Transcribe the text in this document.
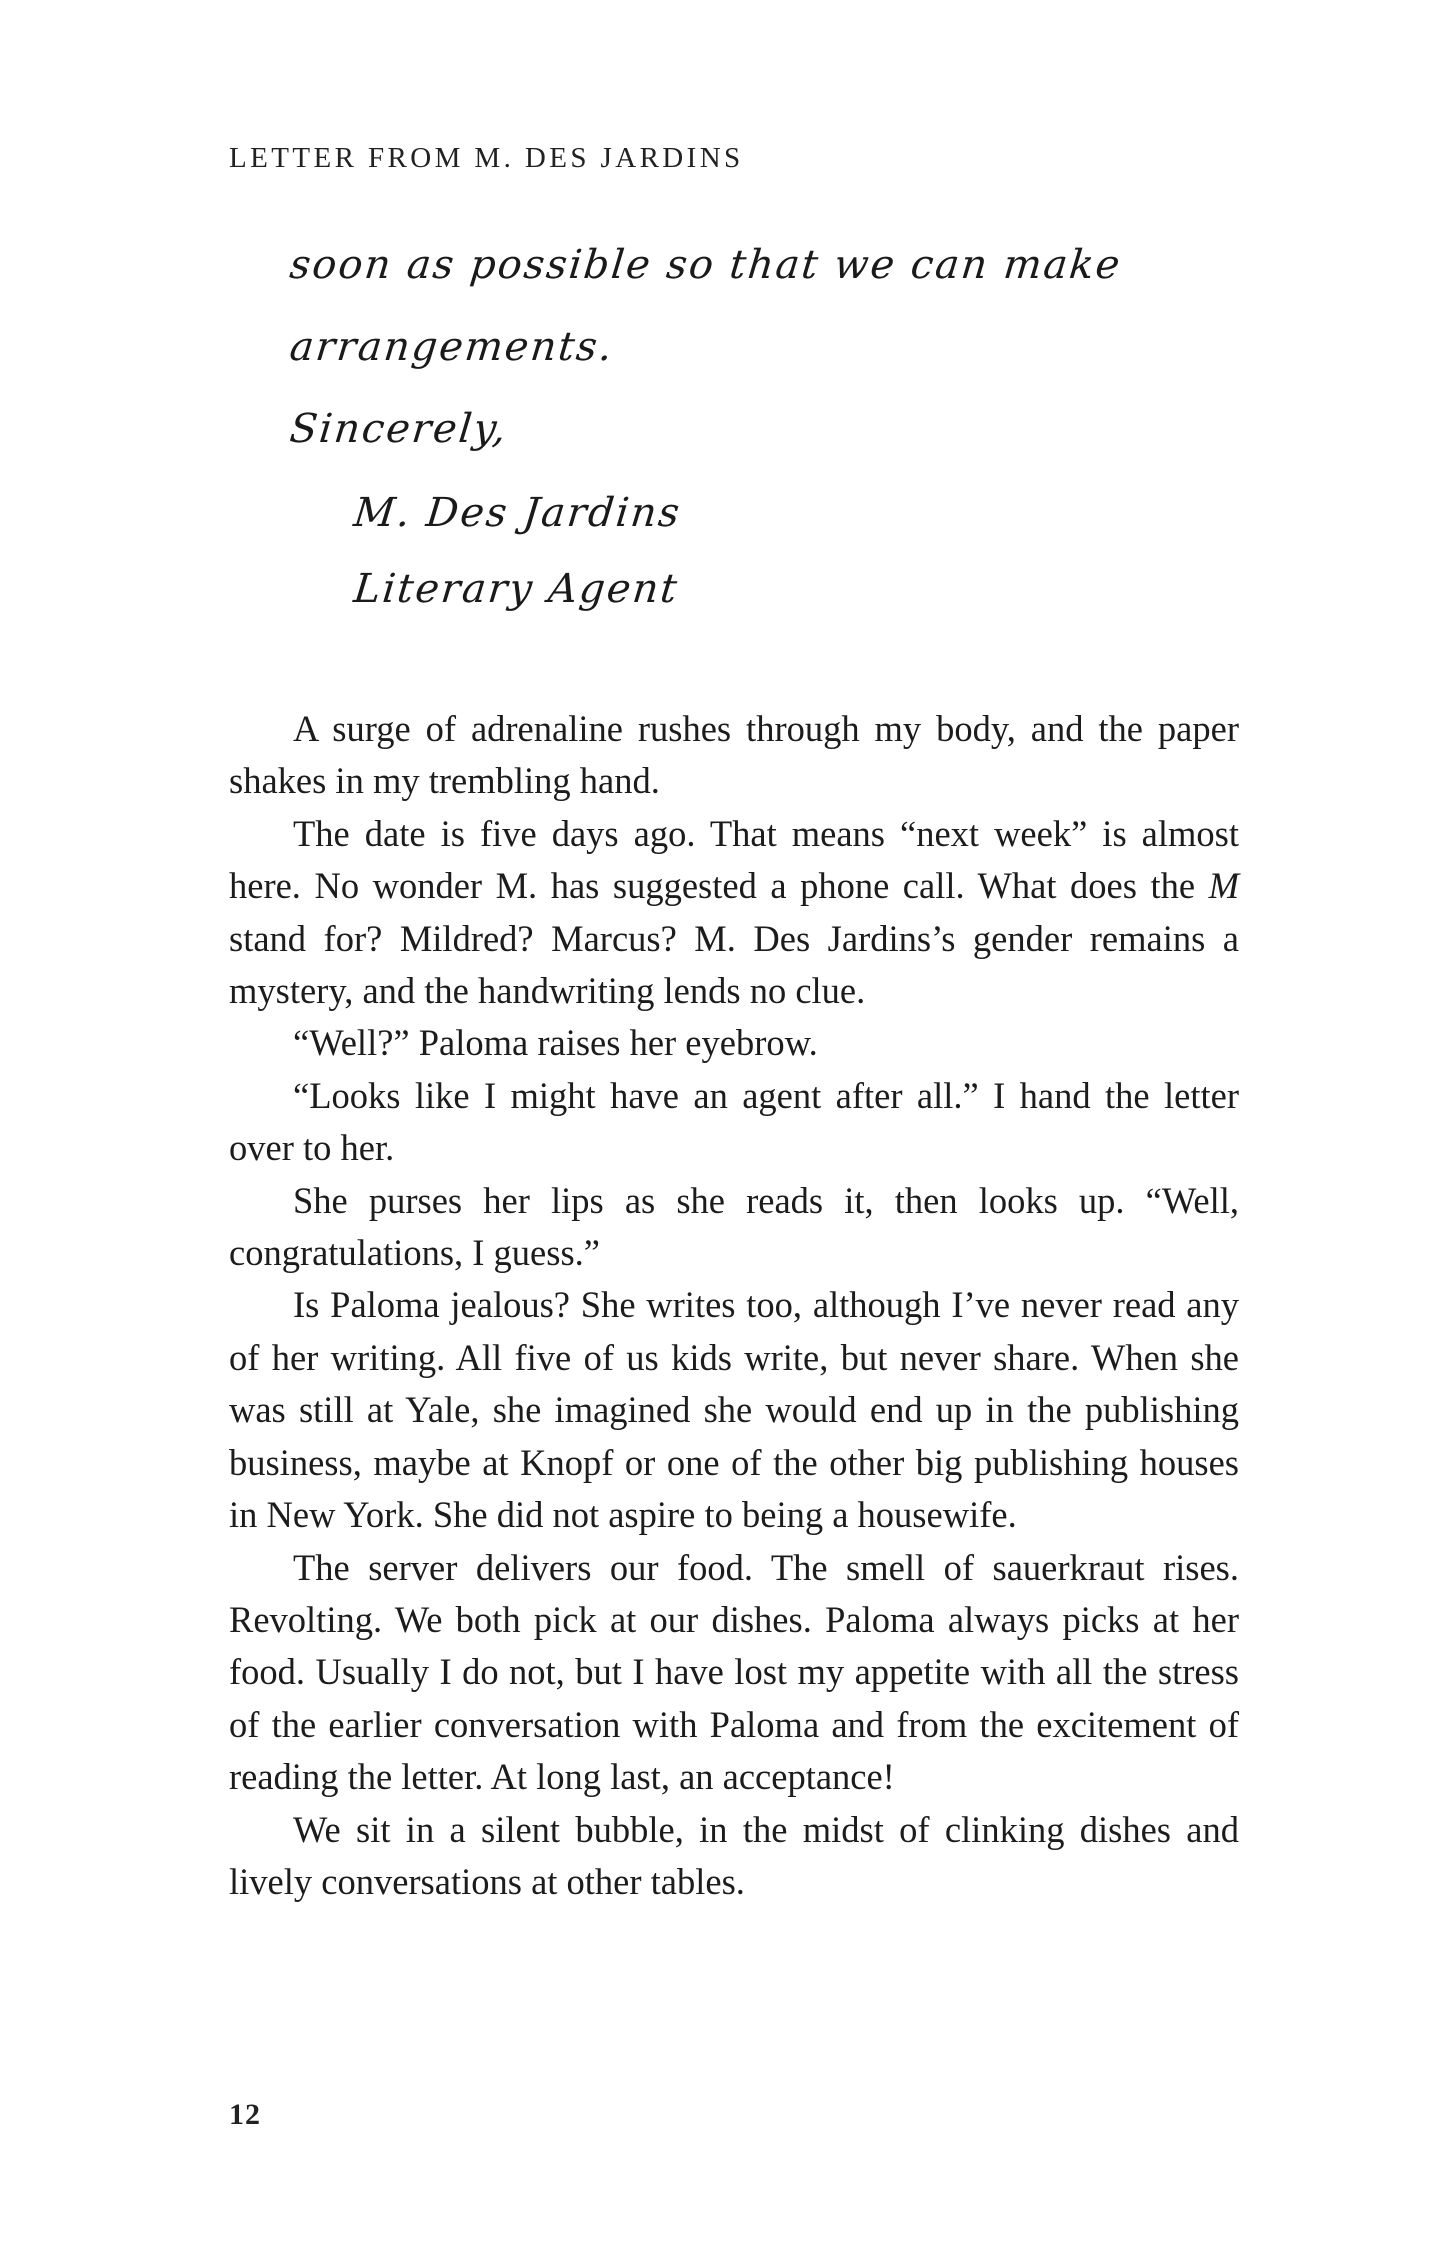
LETTER FROM M. DES JARDINS
soon as possible so that we can make
arrangements.
Sincerely,
M. Des Jardins
Literary Agent

A surge of adrenaline rushes through my body, and the paper shakes in my trembling hand.

The date is five days ago. That means “next week” is almost here. No wonder M. has suggested a phone call. What does the M stand for? Mildred? Marcus? M. Des Jardins’s gender remains a mystery, and the handwriting lends no clue.

“Well?” Paloma raises her eyebrow.

“Looks like I might have an agent after all.” I hand the letter over to her.

She purses her lips as she reads it, then looks up. “Well, congratulations, I guess.”

Is Paloma jealous? She writes too, although I’ve never read any of her writing. All five of us kids write, but never share. When she was still at Yale, she imagined she would end up in the publishing business, maybe at Knopf or one of the other big publishing houses in New York. She did not aspire to being a housewife.

The server delivers our food. The smell of sauerkraut rises. Revolting. We both pick at our dishes. Paloma always picks at her food. Usually I do not, but I have lost my appetite with all the stress of the earlier conversation with Paloma and from the excitement of reading the letter. At long last, an acceptance!

We sit in a silent bubble, in the midst of clinking dishes and lively conversations at other tables.

12
